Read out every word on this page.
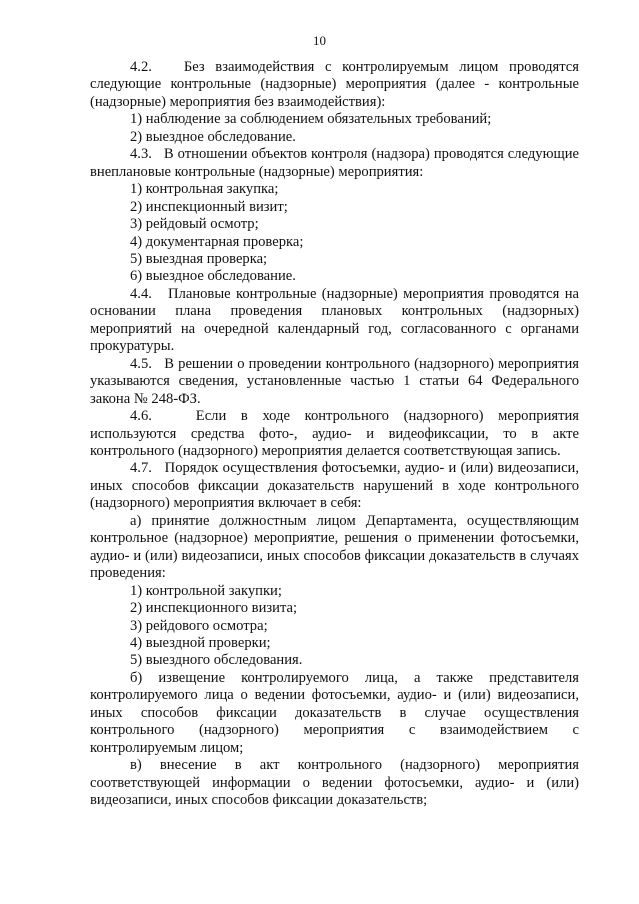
10

4.2.   Без взаимодействия с контролируемым лицом проводятся следующие контрольные (надзорные) мероприятия (далее - контрольные (надзорные) мероприятия без взаимодействия):

1) наблюдение за соблюдением обязательных требований;

2) выездное обследование.

4.3.   В отношении объектов контроля (надзора) проводятся следующие внеплановые контрольные (надзорные) мероприятия:

1) контрольная закупка;

2) инспекционный визит;

3) рейдовый осмотр;

4) документарная проверка;

5) выездная проверка;

6) выездное обследование.

4.4.   Плановые контрольные (надзорные) мероприятия проводятся на основании плана проведения плановых контрольных (надзорных) мероприятий на очередной календарный год, согласованного с органами прокуратуры.

4.5.   В решении о проведении контрольного (надзорного) мероприятия указываются сведения, установленные частью 1 статьи 64 Федерального закона № 248-ФЗ.

4.6.   Если в ходе контрольного (надзорного) мероприятия используются средства фото-, аудио- и видеофиксации, то в акте контрольного (надзорного) мероприятия делается соответствующая запись.

4.7.   Порядок осуществления фотосъемки, аудио- и (или) видеозаписи, иных способов фиксации доказательств нарушений в ходе контрольного (надзорного) мероприятия включает в себя:

а) принятие должностным лицом Департамента, осуществляющим контрольное (надзорное) мероприятие, решения о применении фотосъемки, аудио- и (или) видеозаписи, иных способов фиксации доказательств в случаях проведения:

1) контрольной закупки;

2) инспекционного визита;

3) рейдового осмотра;

4) выездной проверки;

5) выездного обследования.

б) извещение контролируемого лица, а также представителя контролируемого лица о ведении фотосъемки, аудио- и (или) видеозаписи, иных способов фиксации доказательств в случае осуществления контрольного (надзорного) мероприятия с взаимодействием с контролируемым лицом;

в) внесение в акт контрольного (надзорного) мероприятия соответствующей информации о ведении фотосъемки, аудио- и (или) видеозаписи, иных способов фиксации доказательств;
